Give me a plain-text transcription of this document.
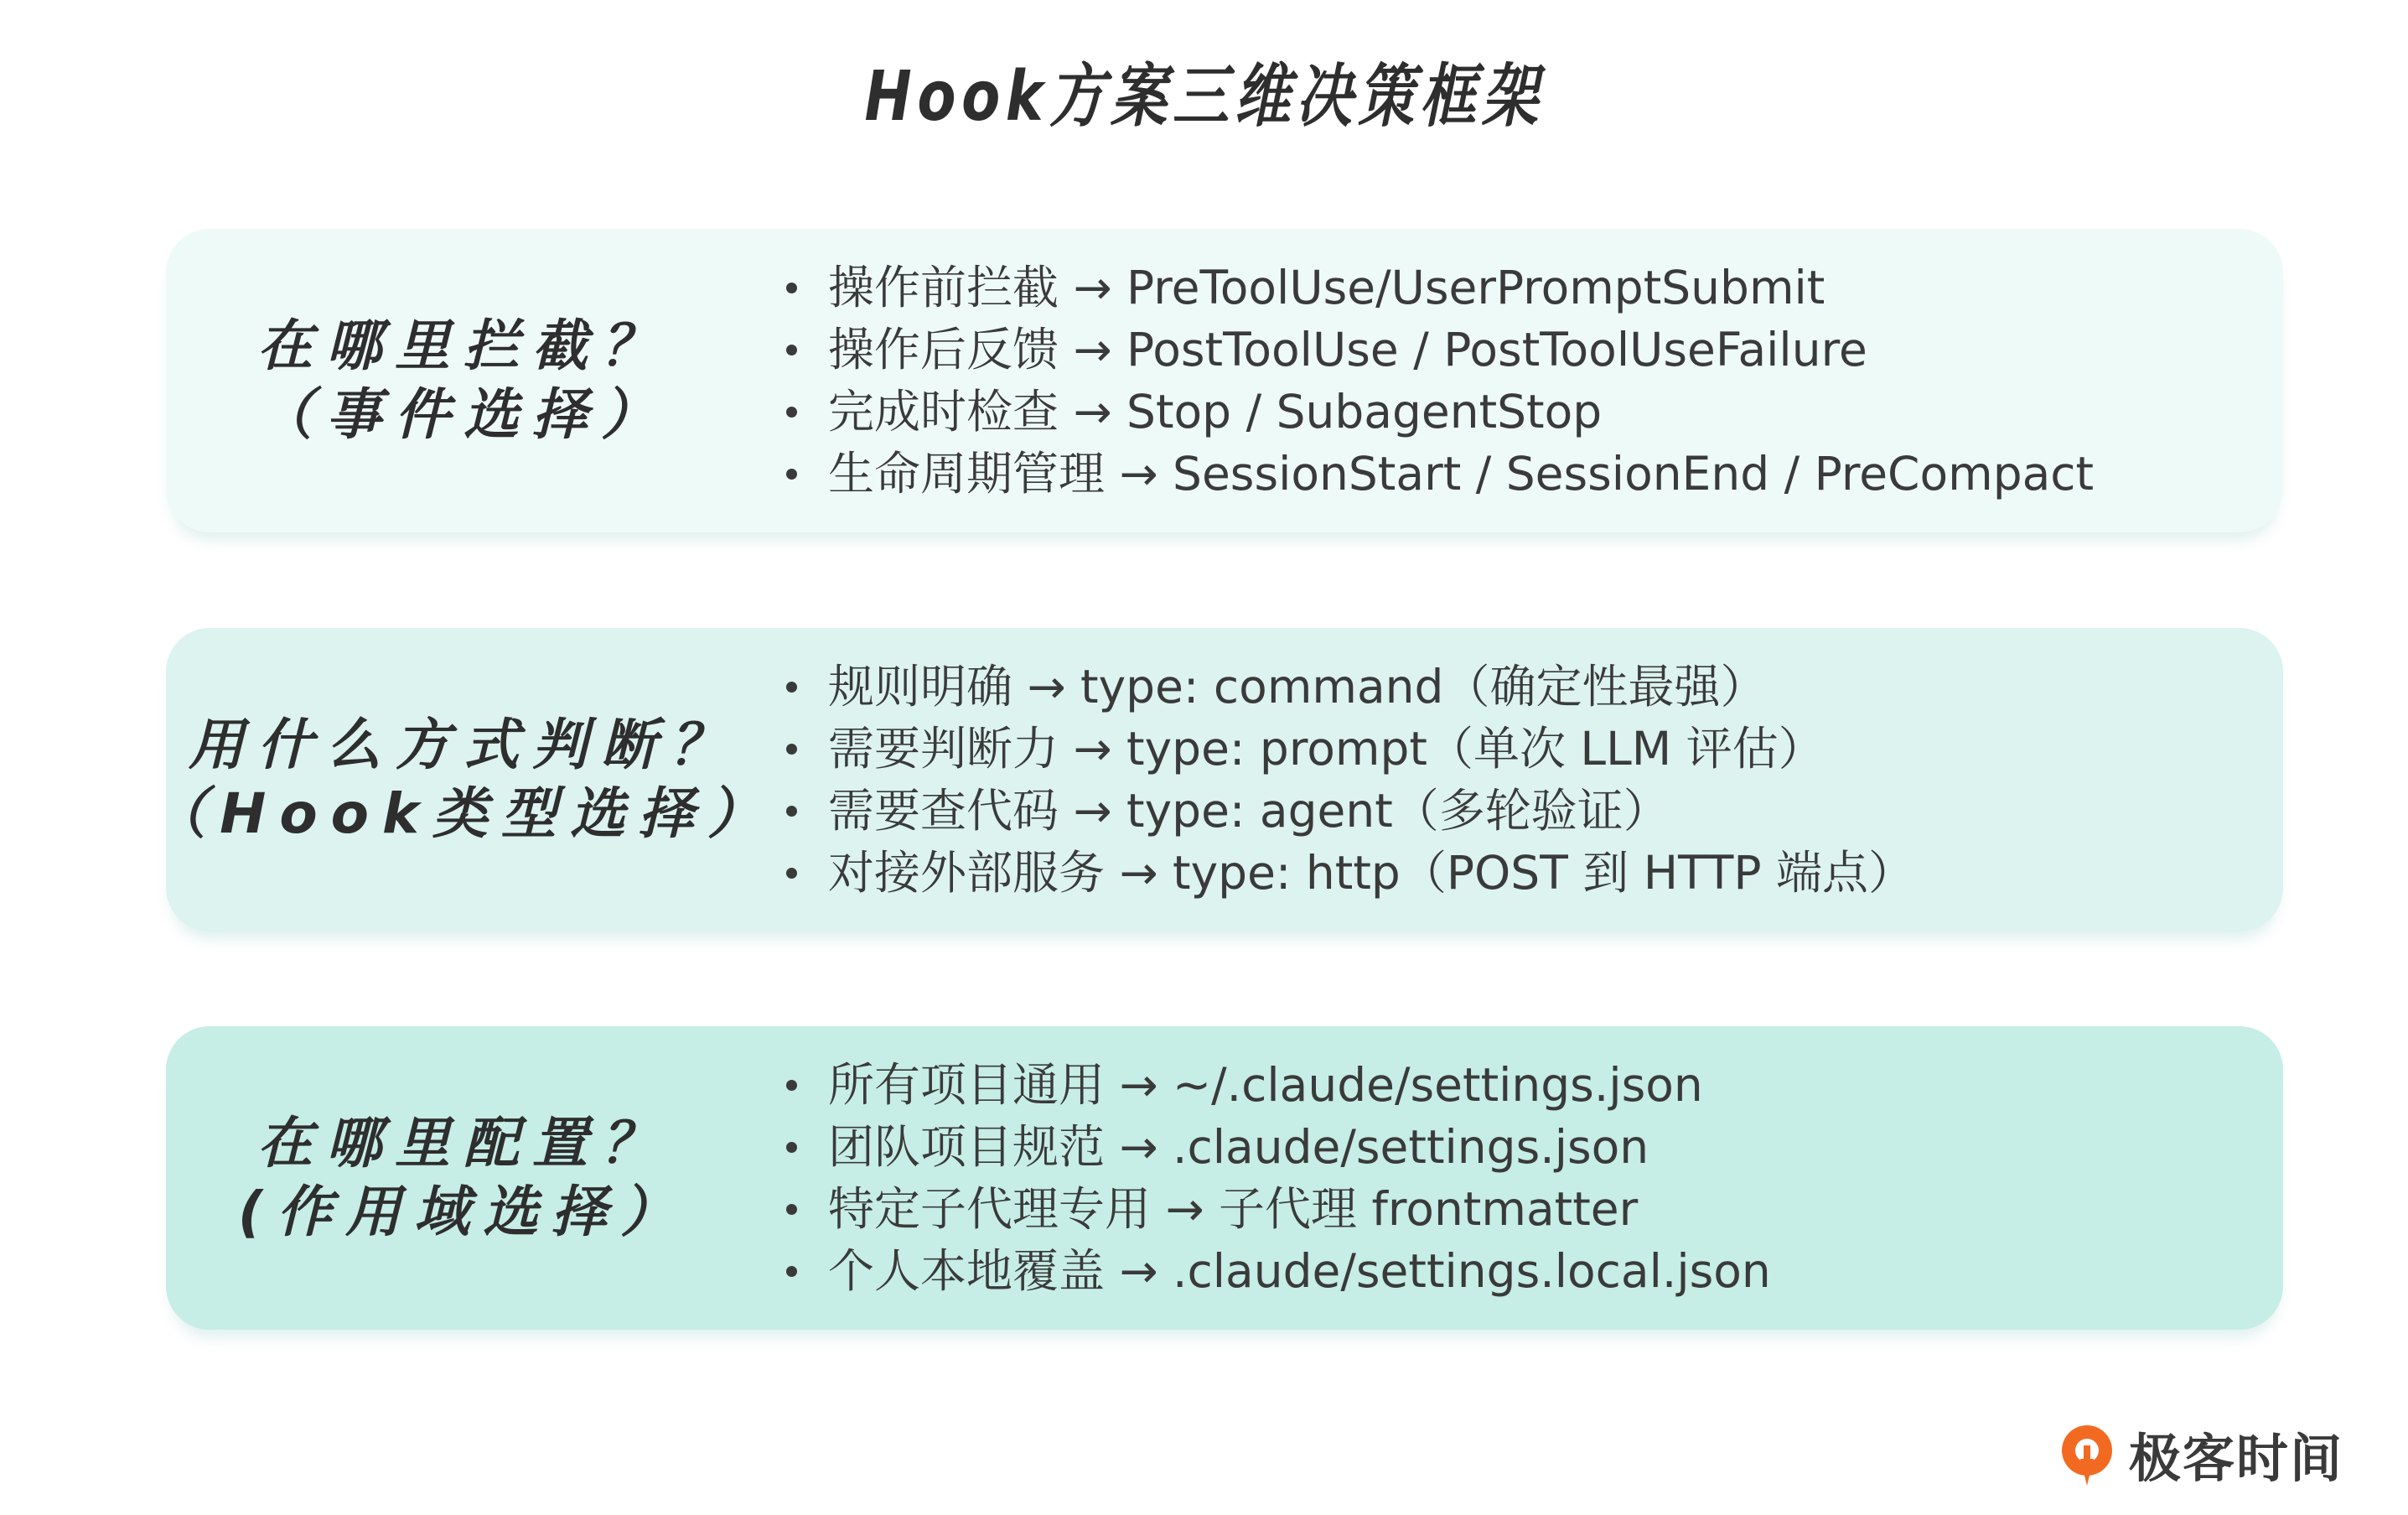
Hook方案三维决策框架
在哪里拦截？
（事件选择）
操作前拦截 → PreToolUse/UserPromptSubmit
操作后反馈 → PostToolUse / PostToolUseFailure
完成时检查 → Stop / SubagentStop
生命周期管理 → SessionStart / SessionEnd / PreCompact
用什么方式判断？
（Hook类型选择）
规则明确 → type: command（确定性最强）
需要判断力 → type: prompt（单次 LLM 评估）
需要查代码 → type: agent（多轮验证）
对接外部服务 → type: http（POST 到 HTTP 端点）
在哪里配置？
(作用域选择）
所有项目通用 → ~/.claude/settings.json
团队项目规范 → .claude/settings.json
特定子代理专用 → 子代理 frontmatter
个人本地覆盖 → .claude/settings.local.json
极客时间
